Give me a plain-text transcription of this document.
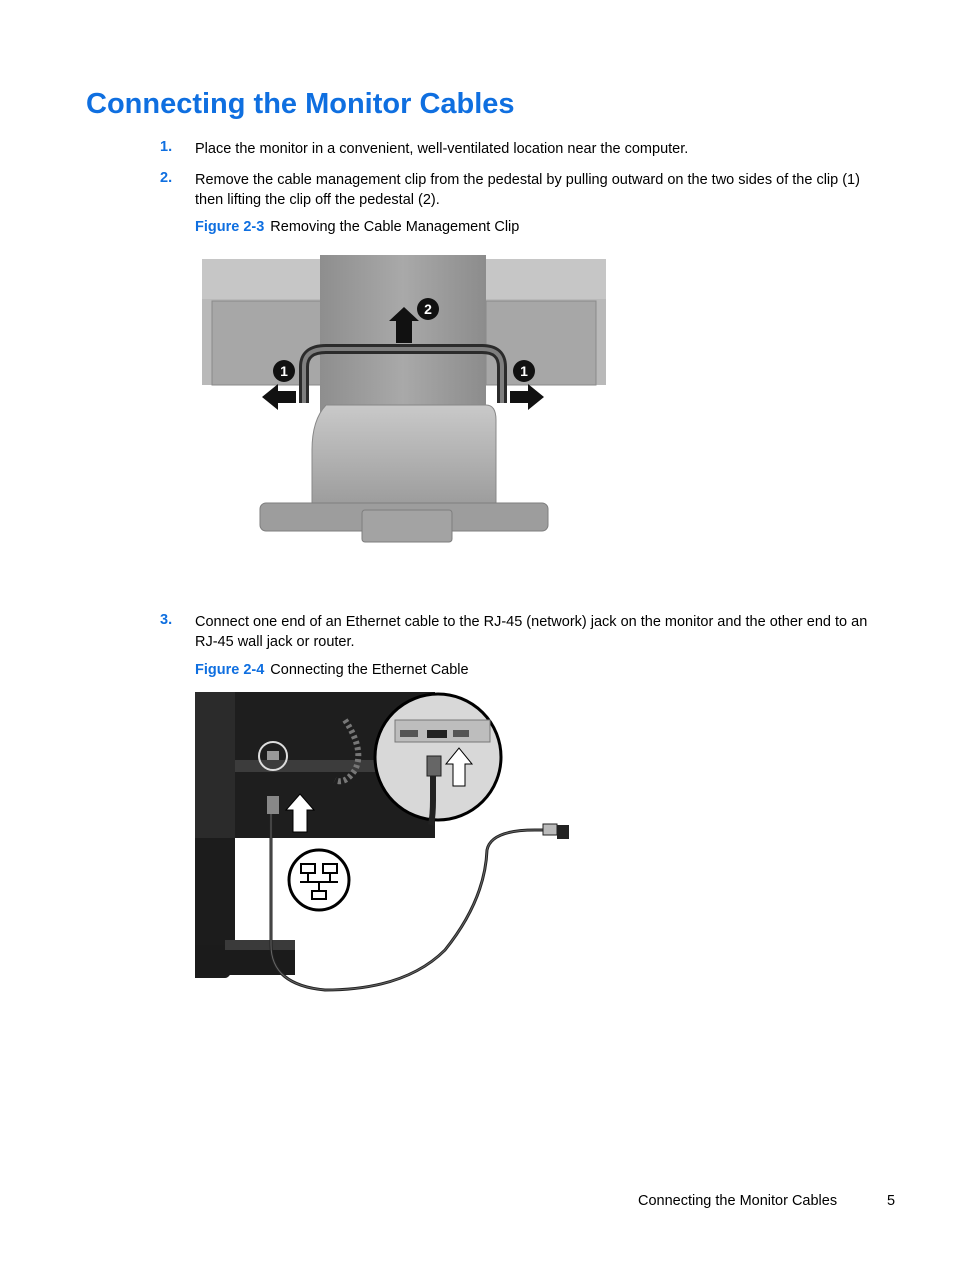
Connecting the Monitor Cables
1. Place the monitor in a convenient, well-ventilated location near the computer.
2. Remove the cable management clip from the pedestal by pulling outward on the two sides of the clip (1) then lifting the clip off the pedestal (2).
Figure 2-3 Removing the Cable Management Clip
1
2
1
3. Connect one end of an Ethernet cable to the RJ-45 (network) jack on the monitor and the other end to an RJ-45 wall jack or router.
Figure 2-4 Connecting the Ethernet Cable
Connecting the Monitor Cables	5
